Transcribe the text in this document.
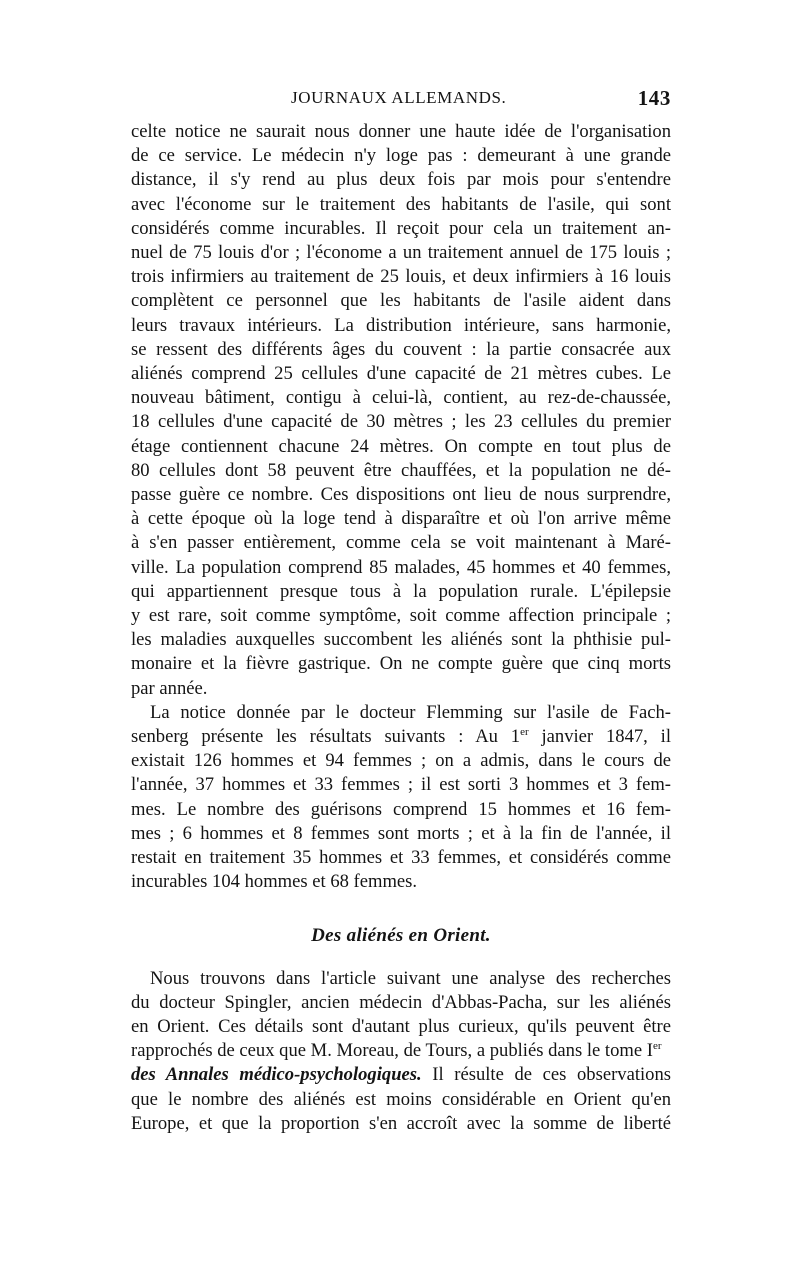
JOURNAUX ALLEMANDS.	143
celte notice ne saurait nous donner une haute idée de l'organisation
de ce service. Le médecin n'y loge pas : demeurant à une grande
distance, il s'y rend au plus deux fois par mois pour s'entendre
avec l'économe sur le traitement des habitants de l'asile, qui sont
considérés comme incurables. Il reçoit pour cela un traitement an-
nuel de 75 louis d'or ; l'économe a un traitement annuel de 175 louis ;
trois infirmiers au traitement de 25 louis, et deux infirmiers à 16 louis
complètent ce personnel que les habitants de l'asile aident dans
leurs travaux intérieurs. La distribution intérieure, sans harmonie,
se ressent des différents âges du couvent : la partie consacrée aux
aliénés comprend 25 cellules d'une capacité de 21 mètres cubes. Le
nouveau bâtiment, contigu à celui-là, contient, au rez-de-chaussée,
18 cellules d'une capacité de 30 mètres ; les 23 cellules du premier
étage contiennent chacune 24 mètres. On compte en tout plus de
80 cellules dont 58 peuvent être chauffées, et la population ne dé-
passe guère ce nombre. Ces dispositions ont lieu de nous surprendre,
à cette époque où la loge tend à disparaître et où l'on arrive même
à s'en passer entièrement, comme cela se voit maintenant à Maré-
ville. La population comprend 85 malades, 45 hommes et 40 femmes,
qui appartiennent presque tous à la population rurale. L'épilepsie
y est rare, soit comme symptôme, soit comme affection principale ;
les maladies auxquelles succombent les aliénés sont la phthisie pul-
monaire et la fièvre gastrique. On ne compte guère que cinq morts
par année.
La notice donnée par le docteur Flemming sur l'asile de Fach-
senberg présente les résultats suivants : Au 1er janvier 1847, il
existait 126 hommes et 94 femmes ; on a admis, dans le cours de
l'année, 37 hommes et 33 femmes ; il est sorti 3 hommes et 3 fem-
mes. Le nombre des guérisons comprend 15 hommes et 16 fem-
mes ; 6 hommes et 8 femmes sont morts ; et à la fin de l'année, il
restait en traitement 35 hommes et 33 femmes, et considérés comme
incurables 104 hommes et 68 femmes.
Des aliénés en Orient.
Nous trouvons dans l'article suivant une analyse des recherches
du docteur Spingler, ancien médecin d'Abbas-Pacha, sur les aliénés
en Orient. Ces détails sont d'autant plus curieux, qu'ils peuvent être
rapprochés de ceux que M. Moreau, de Tours, a publiés dans le tome Ier
des Annales médico-psychologiques. Il résulte de ces observations
que le nombre des aliénés est moins considérable en Orient qu'en
Europe, et que la proportion s'en accroît avec la somme de liberté
